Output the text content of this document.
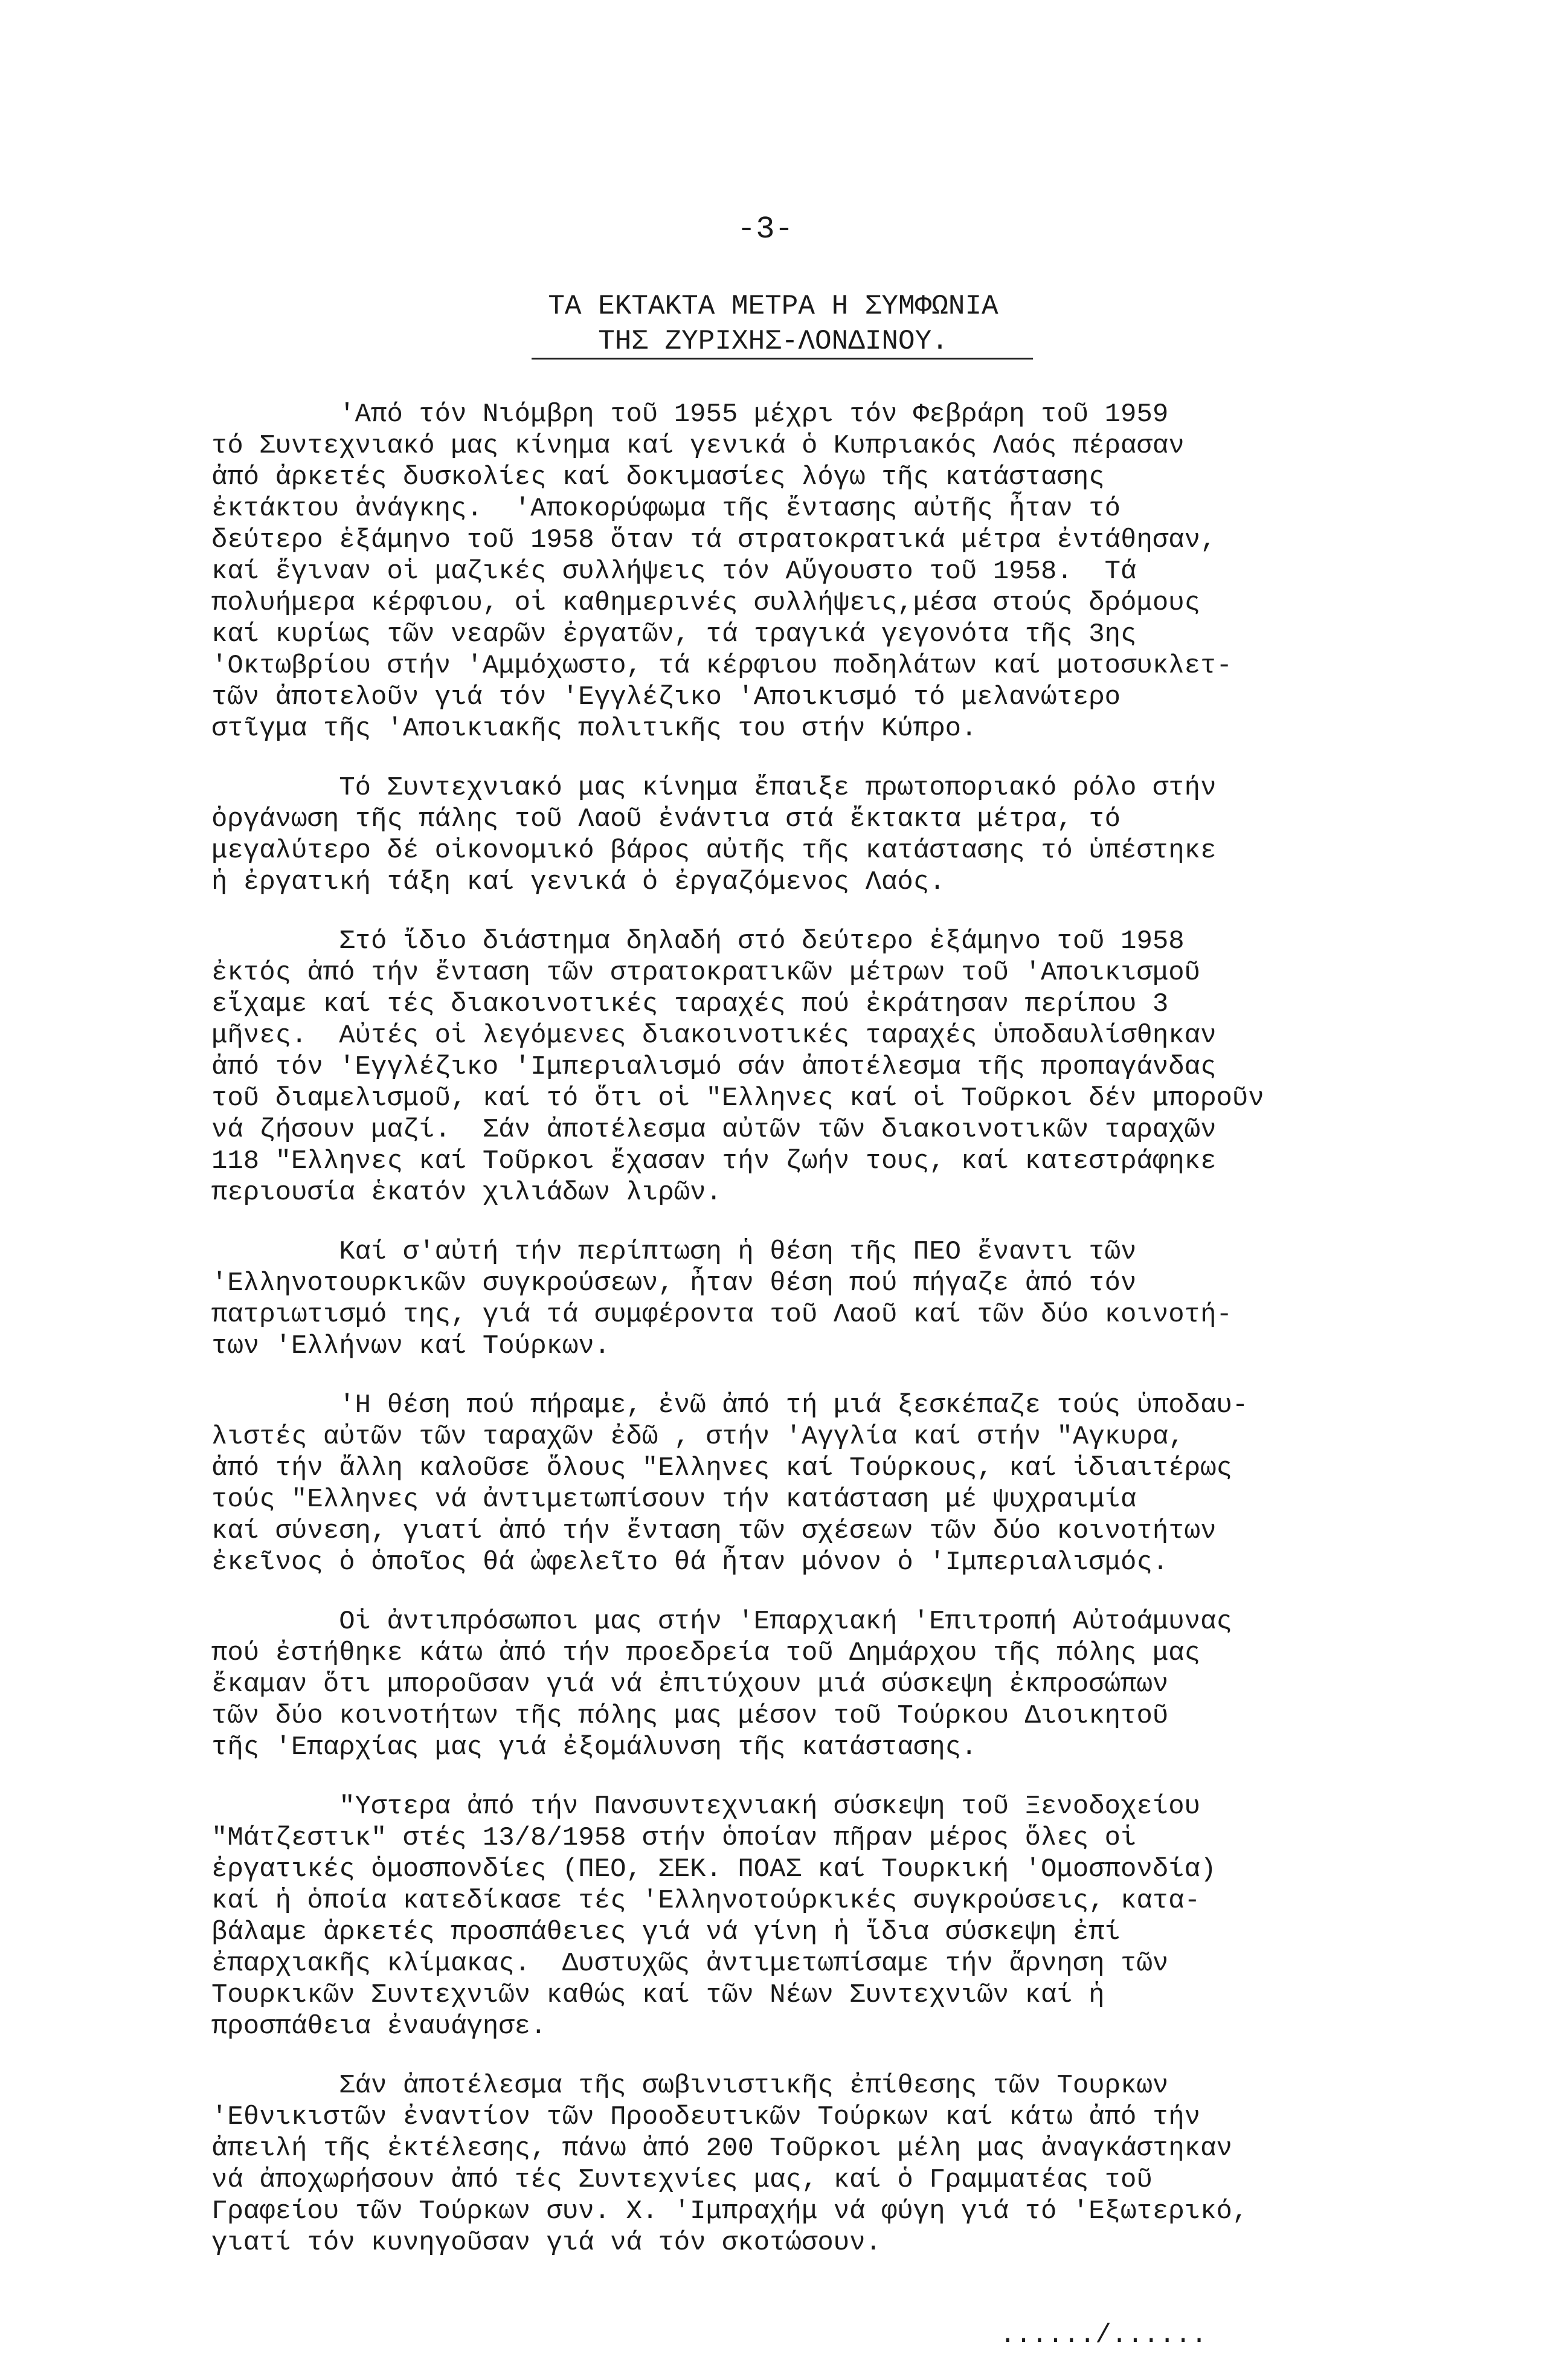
-3-
ΤΑ ΕΚΤΑΚΤΑ ΜΕΤΡΑ Η ΣΥΜΦΩΝΙΑ
ΤΗΣ ΖΥΡΙΧΗΣ-ΛΟΝΔΙΝΟΥ.

'Από τόν Νιόμβρη τοῦ 1955 μέχρι τόν Φεβράρη τοῦ 1959
τό Συντεχνιακό μας κίνημα καί γενικά ὁ Κυπριακός Λαός πέρασαν
ἀπό ἀρκετές δυσκολίες καί δοκιμασίες λόγω τῆς κατάστασης
ἐκτάκτου ἀνάγκης.  'Αποκορύφωμα τῆς ἔντασης αὐτῆς ἦταν τό
δεύτερο ἑξάμηνο τοῦ 1958 ὅταν τά στρατοκρατικά μέτρα ἐντάθησαν,
καί ἔγιναν οἱ μαζικές συλλήψεις τόν Αὔγουστο τοῦ 1958.  Τά
πολυήμερα κέρφιου, οἱ καθημερινές συλλήψεις,μέσα στούς δρόμους
καί κυρίως τῶν νεαρῶν ἐργατῶν, τά τραγικά γεγονότα τῆς 3ης
'Οκτωβρίου στήν 'Αμμόχωστο, τά κέρφιου ποδηλάτων καί μοτοσυκλετ-
τῶν ἀποτελοῦν γιά τόν 'Εγγλέζικο 'Αποικισμό τό μελανώτερο
στῖγμα τῆς 'Αποικιακῆς πολιτικῆς του στήν Κύπρο.

Τό Συντεχνιακό μας κίνημα ἔπαιξε πρωτοποριακό ρόλο στήν
ὀργάνωση τῆς πάλης τοῦ Λαοῦ ἐνάντια στά ἔκτακτα μέτρα, τό
μεγαλύτερο δέ οἰκονομικό βάρος αὐτῆς τῆς κατάστασης τό ὑπέστηκε
ἡ ἐργατική τάξη καί γενικά ὁ ἐργαζόμενος Λαός.

Στό ἴδιο διάστημα δηλαδή στό δεύτερο ἑξάμηνο τοῦ 1958
ἐκτός ἀπό τήν ἔνταση τῶν στρατοκρατικῶν μέτρων τοῦ 'Αποικισμοῦ
εἴχαμε καί τές διακοινοτικές ταραχές πού ἐκράτησαν περίπου 3
μῆνες.  Αὐτές οἱ λεγόμενες διακοινοτικές ταραχές ὑποδαυλίσθηκαν
ἀπό τόν 'Εγγλέζικο 'Ιμπεριαλισμό σάν ἀποτέλεσμα τῆς προπαγάνδας
τοῦ διαμελισμοῦ, καί τό ὅτι οἱ "Ελληνες καί οἱ Τοῦρκοι δέν μποροῦν
νά ζήσουν μαζί.  Σάν ἀποτέλεσμα αὐτῶν τῶν διακοινοτικῶν ταραχῶν
118 "Ελληνες καί Τοῦρκοι ἔχασαν τήν ζωήν τους, καί κατεστράφηκε
περιουσία ἑκατόν χιλιάδων λιρῶν.

Καί σ'αὐτή τήν περίπτωση ἡ θέση τῆς ΠΕΟ ἔναντι τῶν
'Ελληνοτουρκικῶν συγκρούσεων, ἦταν θέση πού πήγαζε ἀπό τόν
πατριωτισμό της, γιά τά συμφέροντα τοῦ Λαοῦ καί τῶν δύο κοινοτή-
των 'Ελλήνων καί Τούρκων.

'Η θέση πού πήραμε, ἐνῶ ἀπό τή μιά ξεσκέπαζε τούς ὑποδαυ-
λιστές αὐτῶν τῶν ταραχῶν ἐδῶ , στήν 'Αγγλία καί στήν "Αγκυρα,
ἀπό τήν ἄλλη καλοῦσε ὅλους "Ελληνες καί Τούρκους, καί ἰδιαιτέρως
τούς "Ελληνες νά ἀντιμετωπίσουν τήν κατάσταση μέ ψυχραιμία
καί σύνεση, γιατί ἀπό τήν ἔνταση τῶν σχέσεων τῶν δύο κοινοτήτων
ἐκεῖνος ὁ ὁποῖος θά ὠφελεῖτο θά ἦταν μόνον ὁ 'Ιμπεριαλισμός.

Οἱ ἀντιπρόσωποι μας στήν 'Επαρχιακή 'Επιτροπή Αὐτοάμυνας
πού ἐστήθηκε κάτω ἀπό τήν προεδρεία τοῦ Δημάρχου τῆς πόλης μας
ἔκαμαν ὅτι μποροῦσαν γιά νά ἐπιτύχουν μιά σύσκεψη ἐκπροσώπων
τῶν δύο κοινοτήτων τῆς πόλης μας μέσον τοῦ Τούρκου Διοικητοῦ
τῆς 'Επαρχίας μας γιά ἐξομάλυνση τῆς κατάστασης.

"Υστερα ἀπό τήν Πανσυντεχνιακή σύσκεψη τοῦ Ξενοδοχείου
"Μάτζεστικ" στές 13/8/1958 στήν ὁποίαν πῆραν μέρος ὅλες οἱ
ἐργατικές ὁμοσπονδίες (ΠΕΟ, ΣΕΚ. ΠΟΑΣ καί Τουρκική 'Ομοσπονδία)
καί ἡ ὁποία κατεδίκασε τές 'Ελληνοτούρκικές συγκρούσεις, κατα-
βάλαμε ἀρκετές προσπάθειες γιά νά γίνη ἡ ἴδια σύσκεψη ἐπί
ἐπαρχιακῆς κλίμακας.  Δυστυχῶς ἀντιμετωπίσαμε τήν ἄρνηση τῶν
Τουρκικῶν Συντεχνιῶν καθώς καί τῶν Νέων Συντεχνιῶν καί ἡ
προσπάθεια ἐναυάγησε.

Σάν ἀποτέλεσμα τῆς σωβινιστικῆς ἐπίθεσης τῶν Τουρκων
'Εθνικιστῶν ἐναντίον τῶν Προοδευτικῶν Τούρκων καί κάτω ἀπό τήν
ἀπειλή τῆς ἐκτέλεσης, πάνω ἀπό 200 Τοῦρκοι μέλη μας ἀναγκάστηκαν
νά ἀποχωρήσουν ἀπό τές Συντεχνίες μας, καί ὁ Γραμματέας τοῦ
Γραφείου τῶν Τούρκων συν. Χ. 'Ιμπραχήμ νά φύγη γιά τό 'Εξωτερικό,
γιατί τόν κυνηγοῦσαν γιά νά τόν σκοτώσουν.

....../......
